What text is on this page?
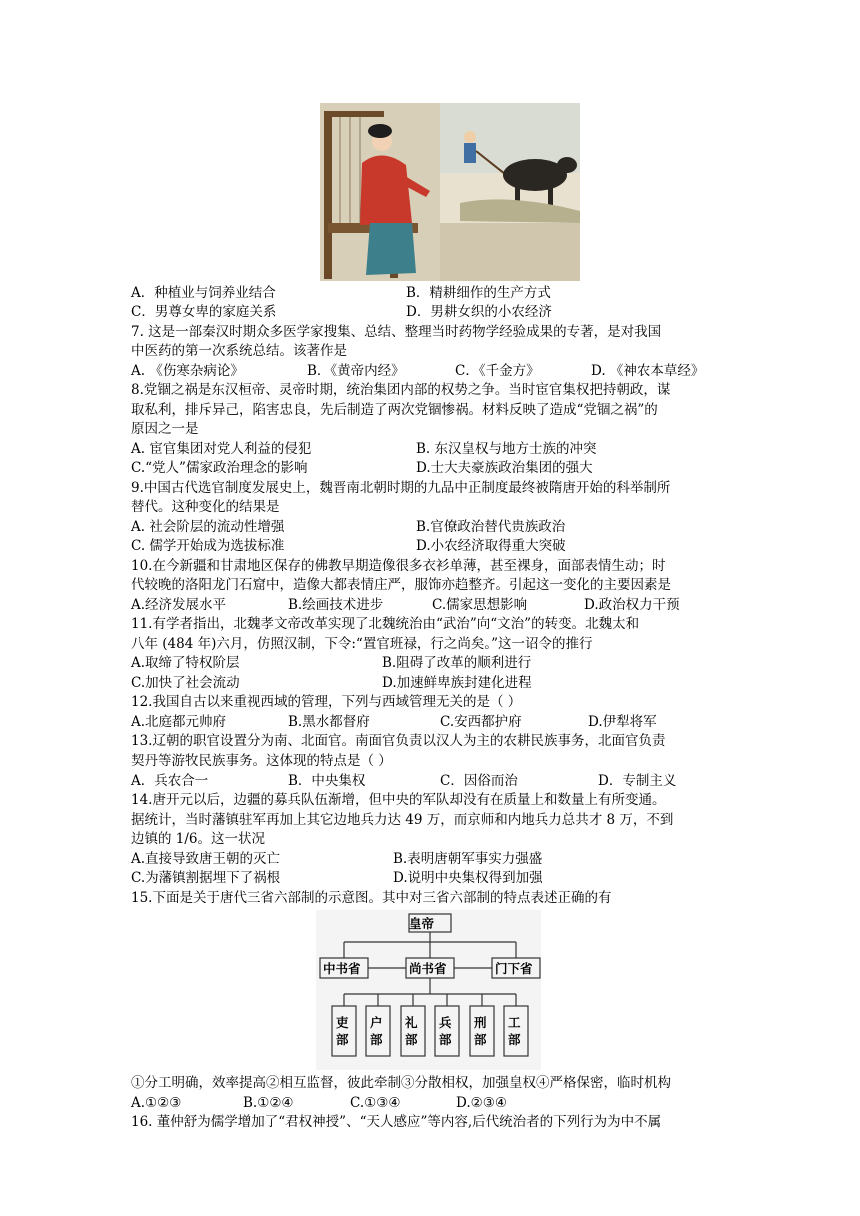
A．种植业与饲养业结合	B．精耕细作的生产方式
C．男尊女卑的家庭关系	D．男耕女织的小农经济
7. 这是一部秦汉时期众多医学家搜集、总结、整理当时药物学经验成果的专著，是对我国
中医药的第一次系统总结。该著作是
A. 《伤寒杂病论》	B．《黄帝内经》	C．《千金方》	D. 《神农本草经》
8.党锢之祸是东汉桓帝、灵帝时期，统治集团内部的权势之争。当时宦官集权把持朝政，谋
取私利，排斥异己，陷害忠良，先后制造了两次党锢惨祸。材料反映了造成“党锢之祸”的
原因之一是
A. 宦官集团对党人利益的侵犯	B. 东汉皇权与地方士族的冲突
C.“党人”儒家政治理念的影响	D.士大夫豪族政治集团的强大
9.中国古代选官制度发展史上，魏晋南北朝时期的九品中正制度最终被隋唐开始的科举制所
替代。这种变化的结果是
A. 社会阶层的流动性增强	B.官僚政治替代贵族政治
C. 儒学开始成为选拔标准	D.小农经济取得重大突破
10.在今新疆和甘肃地区保存的佛教早期造像很多衣衫单薄，甚至裸身，面部表情生动；时
代较晚的洛阳龙门石窟中，造像大都表情庄严，服饰亦趋整齐。引起这一变化的主要因素是
A.经济发展水平	B.绘画技术进步	C.儒家思想影响	D.政治权力干预
11.有学者指出，北魏孝文帝改革实现了北魏统治由“武治”向“文治”的转变。北魏太和
八年 (484 年)六月，仿照汉制，下令:“置官班禄，行之尚矣。”这一诏令的推行
A.取缔了特权阶层	B.阻碍了改革的顺利进行
C.加快了社会流动	D.加速鲜卑族封建化进程
12.我国自古以来重视西域的管理，下列与西域管理无关的是（ ）
A.北庭都元帅府	B.黑水都督府	C.安西都护府	D.伊犁将军
13.辽朝的职官设置分为南、北面官。南面官负责以汉人为主的农耕民族事务，北面官负责
契丹等游牧民族事务。这体现的特点是（ ）
A．兵农合一	B．中央集权	C．因俗而治	D．专制主义
14.唐开元以后，边疆的募兵队伍渐增，但中央的军队却没有在质量上和数量上有所变通。
据统计，当时藩镇驻军再加上其它边地兵力达 49 万，而京师和内地兵力总共才 8 万，不到
边镇的 1/6。这一状况
A.直接导致唐王朝的灭亡	B.表明唐朝军事实力强盛
C.为藩镇割据埋下了祸根	D.说明中央集权得到加强
15.下面是关于唐代三省六部制的示意图。其中对三省六部制的特点表述正确的有
皇帝
中书省	尚书省	门下省
吏部
户部
礼部
兵部
刑部
工部
①分工明确，效率提高②相互监督，彼此牵制③分散相权，加强皇权④严格保密，临时机构
A.①②③	B.①②④	C.①③④	D.②③④
16. 董仲舒为儒学增加了“君权神授”、“天人感应”等内容,后代统治者的下列行为为中不属
